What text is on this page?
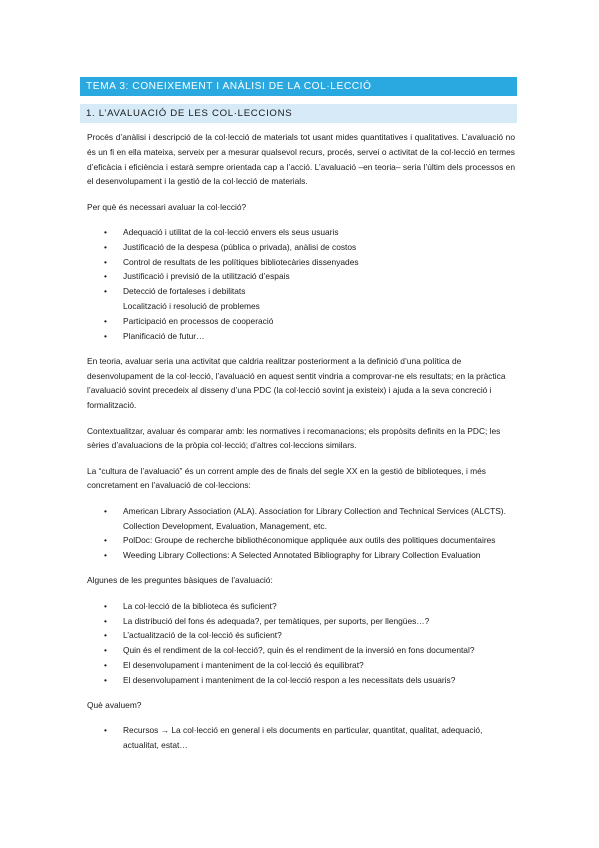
TEMA 3: CONEIXEMENT I ANÀLISI DE LA COL·LECCIÓ
1. L’AVALUACIÓ DE LES COL·LECCIONS

Procés d’anàlisi i descripció de la col·lecció de materials tot usant mides quantitatives i qualitatives. L’avaluació no és un fi en ella mateixa, serveix per a mesurar qualsevol recurs, procés, servei o activitat de la col·lecció en termes d’eficàcia i eficiència i estarà sempre orientada cap a l’acció. L’avaluació –en teoria– seria l’últim dels processos en el desenvolupament i la gestió de la col·lecció de materials.

Per què és necessari avaluar la col·lecció?

• Adequació i utilitat de la col·lecció envers els seus usuaris
• Justificació de la despesa (pública o privada), anàlisi de costos
• Control de resultats de les polítiques bibliotecàries dissenyades
• Justificació i previsió de la utilització d’espais
• Detecció de fortaleses i debilitats
Localització i resolució de problemes
• Participació en processos de cooperació
• Planificació de futur…

En teoria, avaluar seria una activitat que caldria realitzar posteriorment a la definició d’una política de desenvolupament de la col·lecció, l’avaluació en aquest sentit vindria a comprovar-ne els resultats; en la pràctica l’avaluació sovint precedeix al disseny d’una PDC (la col·lecció sovint ja existeix) i ajuda a la seva concreció i formalització.

Contextualitzar, avaluar és comparar amb: les normatives i recomanacions; els propòsits definits en la PDC; les sèries d’avaluacions de la pròpia col·lecció; d’altres col·leccions similars.

La “cultura de l’avaluació” és un corrent ample des de finals del segle XX en la gestió de biblioteques, i més concretament en l’avaluació de col·leccions:

• American Library Association (ALA). Association for Library Collection and Technical Services (ALCTS). Collection Development, Evaluation, Management, etc.
• PolDoc: Groupe de recherche bibliothéconomique appliquée aux outils des politiques documentaires
• Weeding Library Collections: A Selected Annotated Bibliography for Library Collection Evaluation

Algunes de les preguntes bàsiques de l’avaluació:

• La col·lecció de la biblioteca és suficient?
• La distribució del fons és adequada?, per temàtiques, per suports, per llengües…?
• L’actualització de la col·lecció és suficient?
• Quin és el rendiment de la col·lecció?, quin és el rendiment de la inversió en fons documental?
• El desenvolupament i manteniment de la col·lecció és equilibrat?
• El desenvolupament i manteniment de la col·lecció respon a les necessitats dels usuaris?

Què avaluem?

• Recursos → La col·lecció en general i els documents en particular, quantitat, qualitat, adequació, actualitat, estat…
